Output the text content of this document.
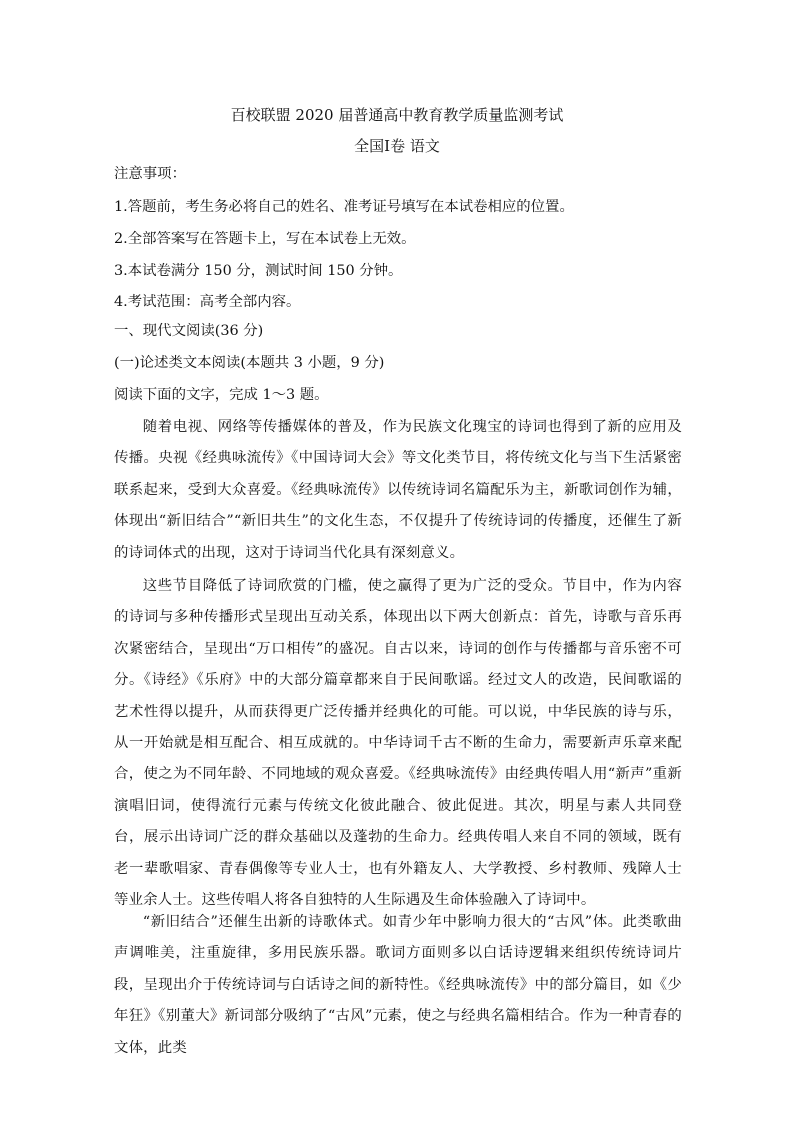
百校联盟 2020 届普通高中教育教学质量监测考试
全国I卷 语文
注意事项：
1.答题前，考生务必将自己的姓名、准考证号填写在本试卷相应的位置。
2.全部答案写在答题卡上，写在本试卷上无效。
3.本试卷满分 150 分，测试时间 150 分钟。
4.考试范围：高考全部内容。
一、现代文阅读(36 分)
(一)论述类文本阅读(本题共 3 小题，9 分)
阅读下面的文字，完成 1～3 题。
随着电视、网络等传播媒体的普及，作为民族文化瑰宝的诗词也得到了新的应用及传播。央视《经典咏流传》《中国诗词大会》等文化类节目，将传统文化与当下生活紧密联系起来，受到大众喜爱。《经典咏流传》以传统诗词名篇配乐为主，新歌词创作为辅，体现出“新旧结合”“新旧共生”的文化生态，不仅提升了传统诗词的传播度，还催生了新的诗词体式的出现，这对于诗词当代化具有深刻意义。
这些节目降低了诗词欣赏的门槛，使之赢得了更为广泛的受众。节目中，作为内容的诗词与多种传播形式呈现出互动关系，体现出以下两大创新点：首先，诗歌与音乐再次紧密结合，呈现出“万口相传”的盛况。自古以来，诗词的创作与传播都与音乐密不可分。《诗经》《乐府》中的大部分篇章都来自于民间歌谣。经过文人的改造，民间歌谣的艺术性得以提升，从而获得更广泛传播并经典化的可能。可以说，中华民族的诗与乐，从一开始就是相互配合、相互成就的。中华诗词千古不断的生命力，需要新声乐章来配合，使之为不同年龄、不同地域的观众喜爱。《经典咏流传》由经典传唱人用“新声”重新演唱旧词，使得流行元素与传统文化彼此融合、彼此促进。其次，明星与素人共同登台，展示出诗词广泛的群众基础以及蓬勃的生命力。经典传唱人来自不同的领域，既有老一辈歌唱家、青春偶像等专业人士，也有外籍友人、大学教授、乡村教师、残障人士等业余人士。这些传唱人将各自独特的人生际遇及生命体验融入了诗词中。
“新旧结合”还催生出新的诗歌体式。如青少年中影响力很大的“古风”体。此类歌曲声调唯美，注重旋律，多用民族乐器。歌词方面则多以白话诗逻辑来组织传统诗词片段，呈现出介于传统诗词与白话诗之间的新特性。《经典咏流传》中的部分篇目，如《少年狂》《别董大》新词部分吸纳了“古风”元素，使之与经典名篇相结合。作为一种青春的文体，此类
